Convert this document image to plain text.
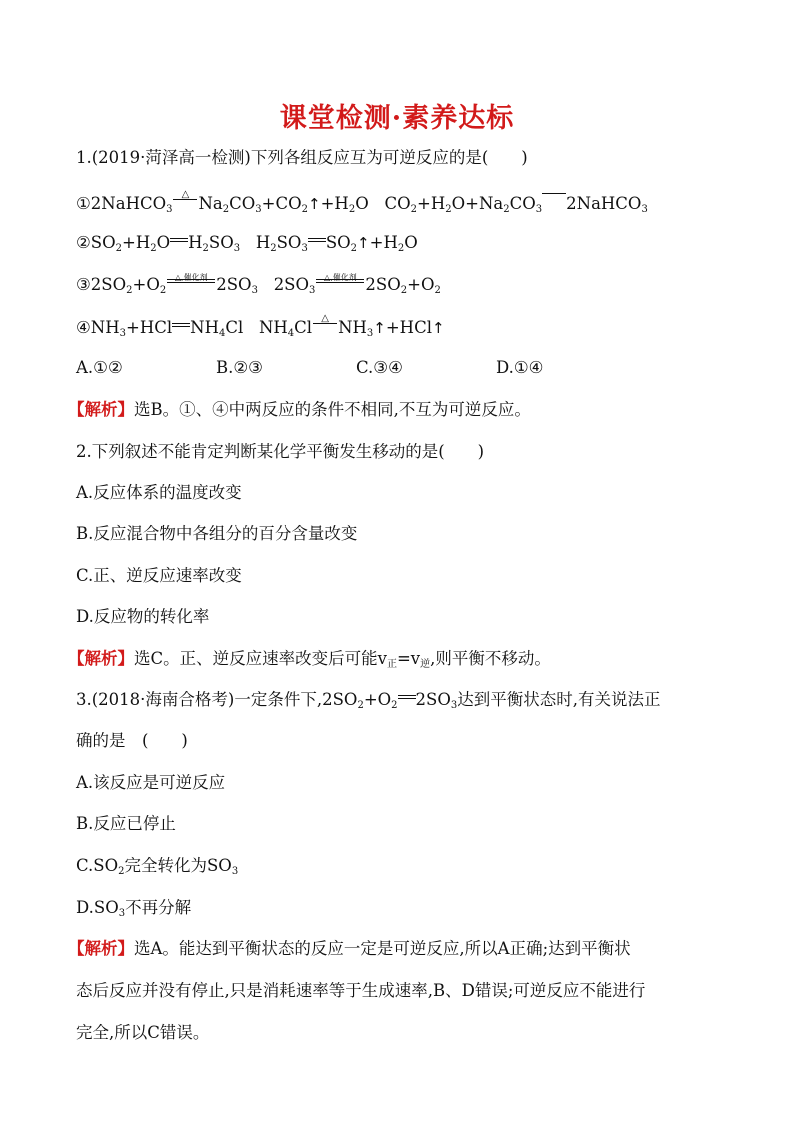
课堂检测·素养达标
1.(2019·菏泽高一检测)下列各组反应互为可逆反应的是(　　)
①2NaHCO$_3$
△ $Na_2CO_3+CO_2↑+H_2O$   $CO_2+H_2O+Na_2CO_3$ 2NaHCO$_3$
$②SO_2+H_2O$ $H_2SO_3$   $H_2SO_3$ $SO_2↑+H_2O$
$③2SO_2+O_2$
△,催化剂 $2SO_3$   $2SO_3$
△,催化剂 $2SO_2+O_2$
$④NH_3+HCl$ $NH_4Cl$   $NH_4Cl$ △ $NH_3↑+HCl↑$
A.①②	B.②③	C.③④	D.①④
【解析】选B。①、④中两反应的条件不相同,不互为可逆反应。
2.下列叙述不能肯定判断某化学平衡发生移动的是(　　)
A.反应体系的温度改变
B.反应混合物中各组分的百分含量改变
C.正、逆反应速率改变
D.反应物的转化率
【解析】选C。正、逆反应速率改变后可能$v_正=v_逆$,则平衡不移动。
3.(2018·海南合格考)一定条件下$,2SO_2+O_2$ $2SO_3$达到平衡状态时,有关说法正
确的是　(　　)
A.该反应是可逆反应
B.反应已停止
$C.SO_2$完全转化为$SO_3$
$D.SO_3$不再分解
【解析】选A。能达到平衡状态的反应一定是可逆反应,所以A正确;达到平衡状
态后反应并没有停止,只是消耗速率等于生成速率,B、D错误;可逆反应不能进行
完全,所以C错误。
